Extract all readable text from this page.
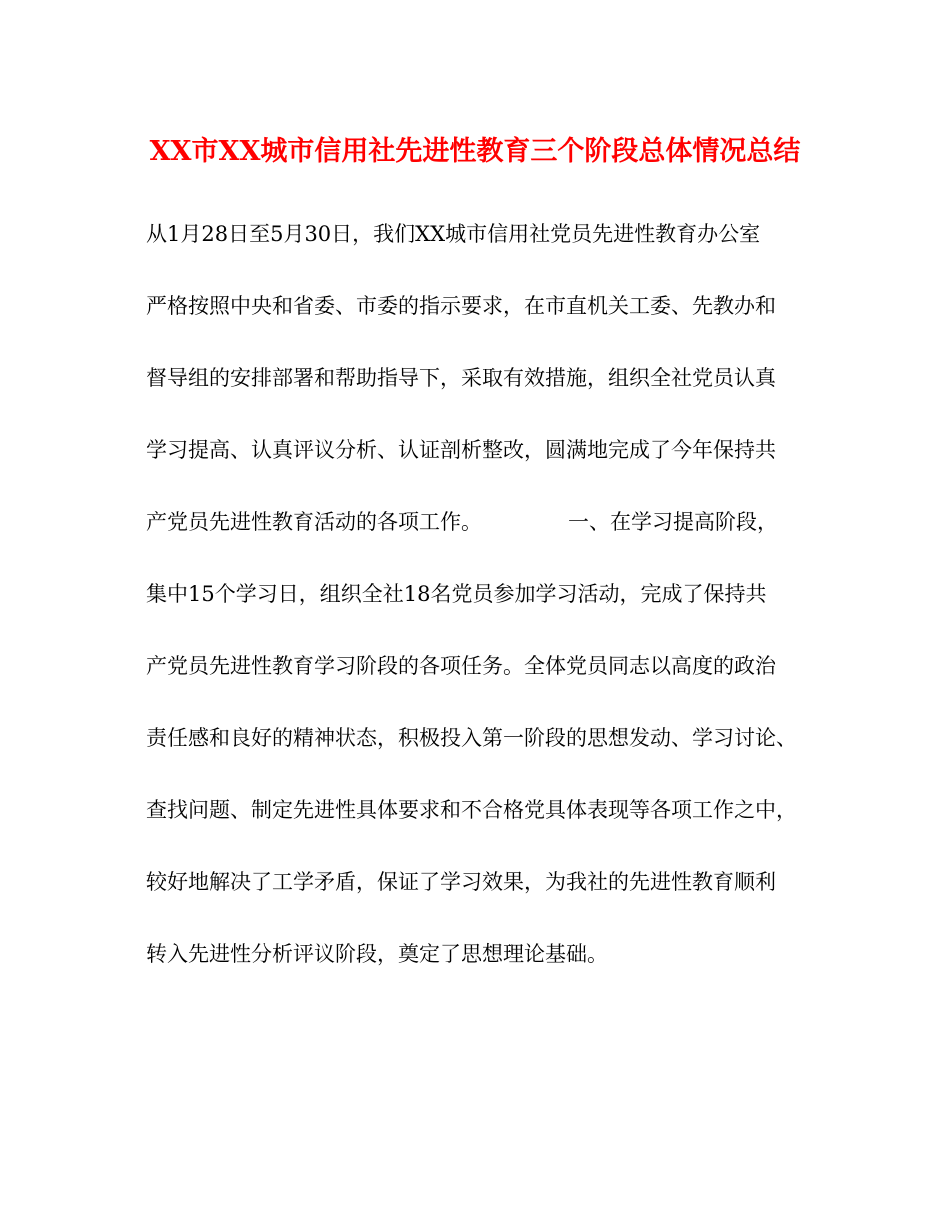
XX市XX城市信用社先进性教育三个阶段总体情况总结
从1月28日至5月30日，我们XX城市信用社党员先进性教育办公室
严格按照中央和省委、市委的指示要求，在市直机关工委、先教办和
督导组的安排部署和帮助指导下，采取有效措施，组织全社党员认真
学习提高、认真评议分析、认证剖析整改，圆满地完成了今年保持共
产党员先进性教育活动的各项工作。	一、在学习提高阶段，
集中15个学习日，组织全社18名党员参加学习活动，完成了保持共
产党员先进性教育学习阶段的各项任务。全体党员同志以高度的政治
责任感和良好的精神状态，积极投入第一阶段的思想发动、学习讨论、
查找问题、制定先进性具体要求和不合格党具体表现等各项工作之中，
较好地解决了工学矛盾，保证了学习效果，为我社的先进性教育顺利
转入先进性分析评议阶段，奠定了思想理论基础。
